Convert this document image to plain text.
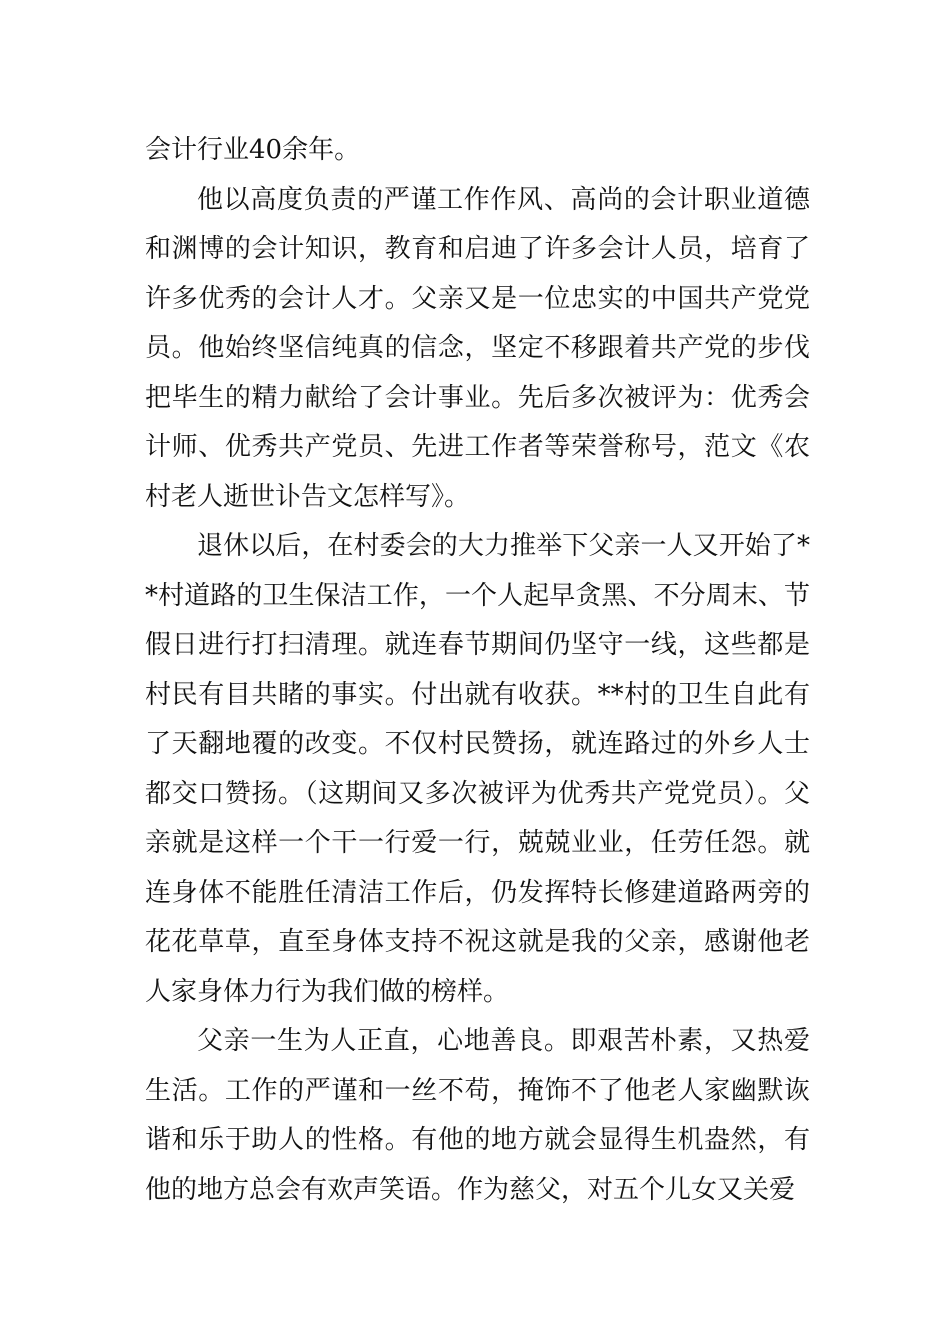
会计行业40余年。

他以高度负责的严谨工作作风、高尚的会计职业道德和渊博的会计知识，教育和启迪了许多会计人员，培育了许多优秀的会计人才。父亲又是一位忠实的中国共产党党员。他始终坚信纯真的信念，坚定不移跟着共产党的步伐把毕生的精力献给了会计事业。先后多次被评为：优秀会计师、优秀共产党员、先进工作者等荣誉称号，范文《农村老人逝世讣告文怎样写》。

退休以后，在村委会的大力推举下父亲一人又开始了**村道路的卫生保洁工作，一个人起早贪黑、不分周末、节假日进行打扫清理。就连春节期间仍坚守一线，这些都是村民有目共睹的事实。付出就有收获。**村的卫生自此有了天翻地覆的改变。不仅村民赞扬，就连路过的外乡人士都交口赞扬。（这期间又多次被评为优秀共产党党员）。父亲就是这样一个干一行爱一行，兢兢业业，任劳任怨。就连身体不能胜任清洁工作后，仍发挥特长修建道路两旁的花花草草，直至身体支持不祝这就是我的父亲，感谢他老人家身体力行为我们做的榜样。

父亲一生为人正直，心地善良。即艰苦朴素，又热爱生活。工作的严谨和一丝不苟，掩饰不了他老人家幽默诙谐和乐于助人的性格。有他的地方就会显得生机盎然，有他的地方总会有欢声笑语。作为慈父，对五个儿女又关爱
